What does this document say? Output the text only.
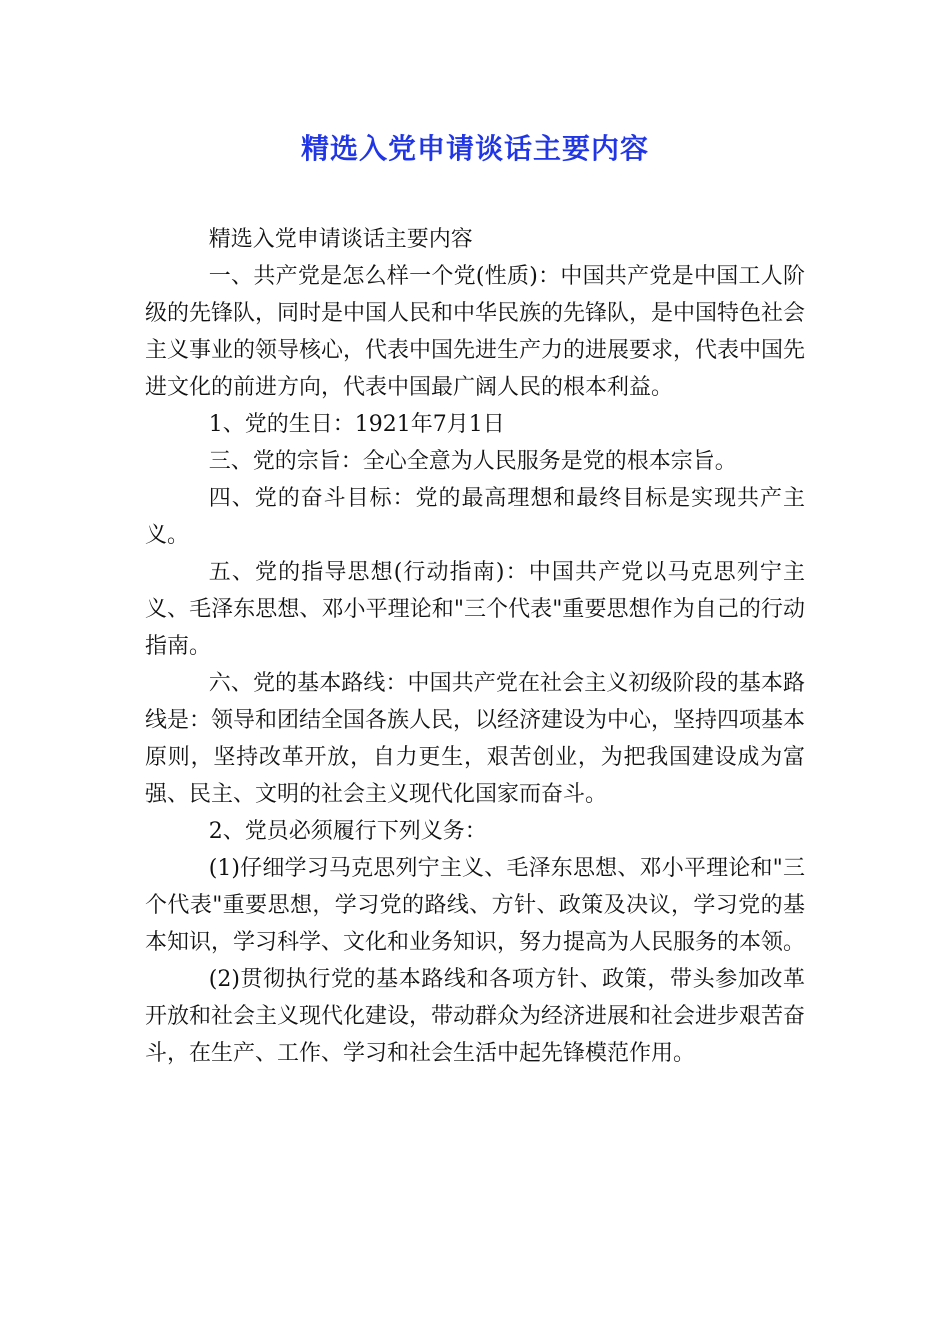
精选入党申请谈话主要内容

精选入党申请谈话主要内容

一、共产党是怎么样一个党(性质)：中国共产党是中国工人阶级的先锋队，同时是中国人民和中华民族的先锋队，是中国特色社会主义事业的领导核心，代表中国先进生产力的进展要求，代表中国先进文化的前进方向，代表中国最广阔人民的根本利益。

1、党的生日：1921年7月1日

三、党的宗旨：全心全意为人民服务是党的根本宗旨。

四、党的奋斗目标：党的最高理想和最终目标是实现共产主义。

五、党的指导思想(行动指南)：中国共产党以马克思列宁主义、毛泽东思想、邓小平理论和"三个代表"重要思想作为自己的行动指南。

六、党的基本路线：中国共产党在社会主义初级阶段的基本路线是：领导和团结全国各族人民，以经济建设为中心，坚持四项基本原则，坚持改革开放，自力更生，艰苦创业，为把我国建设成为富强、民主、文明的社会主义现代化国家而奋斗。

2、党员必须履行下列义务：

(1)仔细学习马克思列宁主义、毛泽东思想、邓小平理论和"三个代表"重要思想，学习党的路线、方针、政策及决议，学习党的基本知识，学习科学、文化和业务知识，努力提高为人民服务的本领。

(2)贯彻执行党的基本路线和各项方针、政策，带头参加改革开放和社会主义现代化建设，带动群众为经济进展和社会进步艰苦奋斗，在生产、工作、学习和社会生活中起先锋模范作用。
